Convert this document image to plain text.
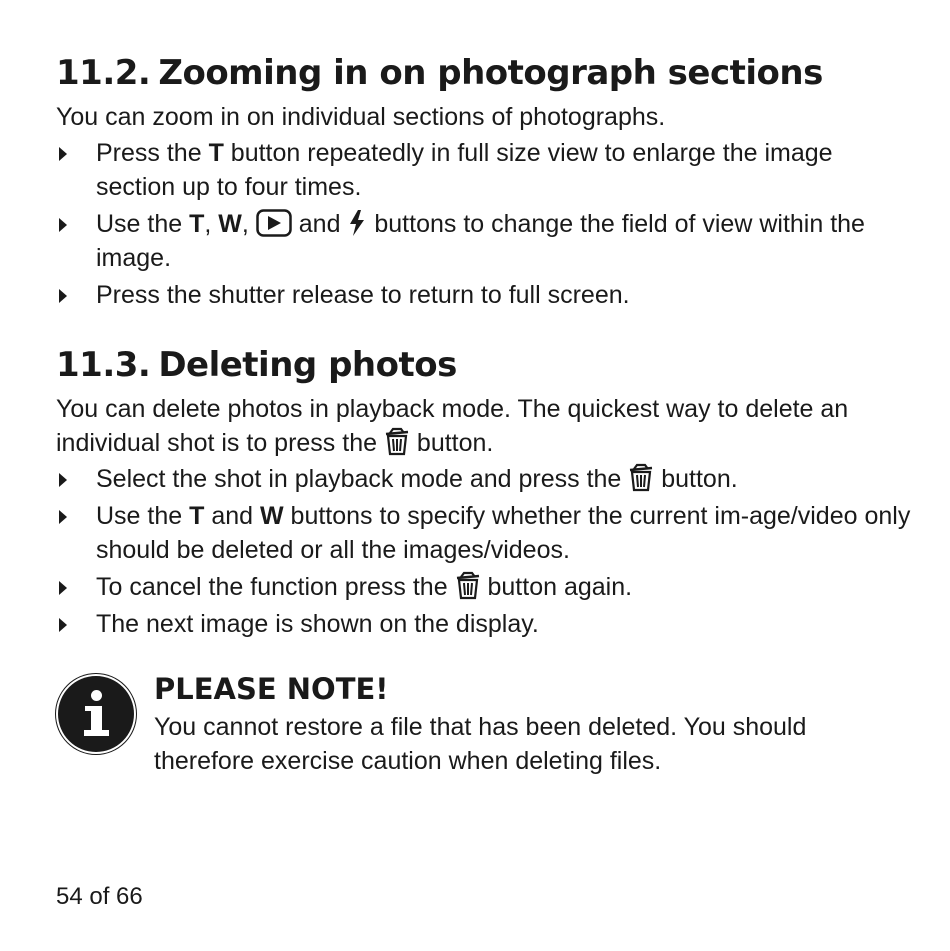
11.2. Zooming in on photograph sections

You can zoom in on individual sections of photographs.

Press the T button repeatedly in full size view to enlarge the image section up to four times.
Use the T, W,  and  buttons to change the field of view within the image.
Press the shutter release to return to full screen.
11.3. Deleting photos

You can delete photos in playback mode. The quickest way to delete an individual shot is to press the  button.

Select the shot in playback mode and press the  button.
Use the T and W buttons to specify whether the current im-age/video only should be deleted or all the images/videos.
To cancel the function press the  button again.
The next image is shown on the display.
PLEASE NOTE!
You cannot restore a file that has been deleted. You should therefore exercise caution when deleting files.
54 of 66
